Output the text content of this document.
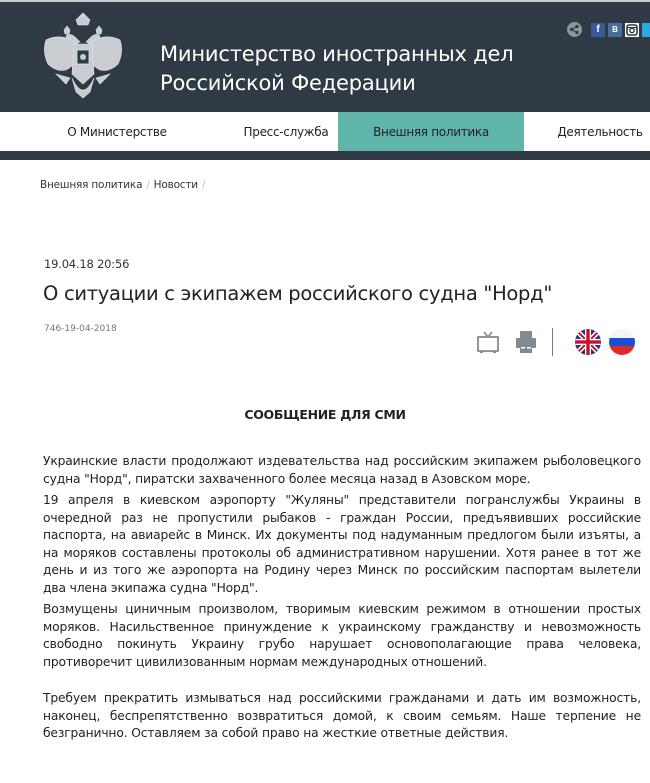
Министерство иностранных дел
Российской Федерации
f	В
О Министерстве	Пресс-служба	Внешняя политика	Деятельность
Внешняя политика / Новости /
19.04.18 20:56
О ситуации с экипажем российского судна "Норд"
746-19-04-2018
СООБЩЕНИЕ ДЛЯ СМИ

Украинские власти продолжают издевательства над российским экипажем рыболовецкого судна "Норд", пиратски захваченного более месяца назад в Азовском море.

19 апреля в киевском аэропорту "Жуляны" представители погранслужбы Украины в очередной раз не пропустили рыбаков - граждан России, предъявивших российские паспорта, на авиарейс в Минск. Их документы под надуманным предлогом были изъяты, а на моряков составлены протоколы об административном нарушении. Хотя ранее в тот же день и из того же аэропорта на Родину через Минск по российским паспортам вылетели два члена экипажа судна "Норд".

Возмущены циничным произволом, творимым киевским режимом в отношении простых моряков. Насильственное принуждение к украинскому гражданству и невозможность свободно покинуть Украину грубо нарушает основополагающие права человека, противоречит цивилизованным нормам международных отношений.

Требуем прекратить измываться над российскими гражданами и дать им возможность, наконец, беспрепятственно возвратиться домой, к своим семьям. Наше терпение не безгранично. Оставляем за собой право на жесткие ответные действия.
